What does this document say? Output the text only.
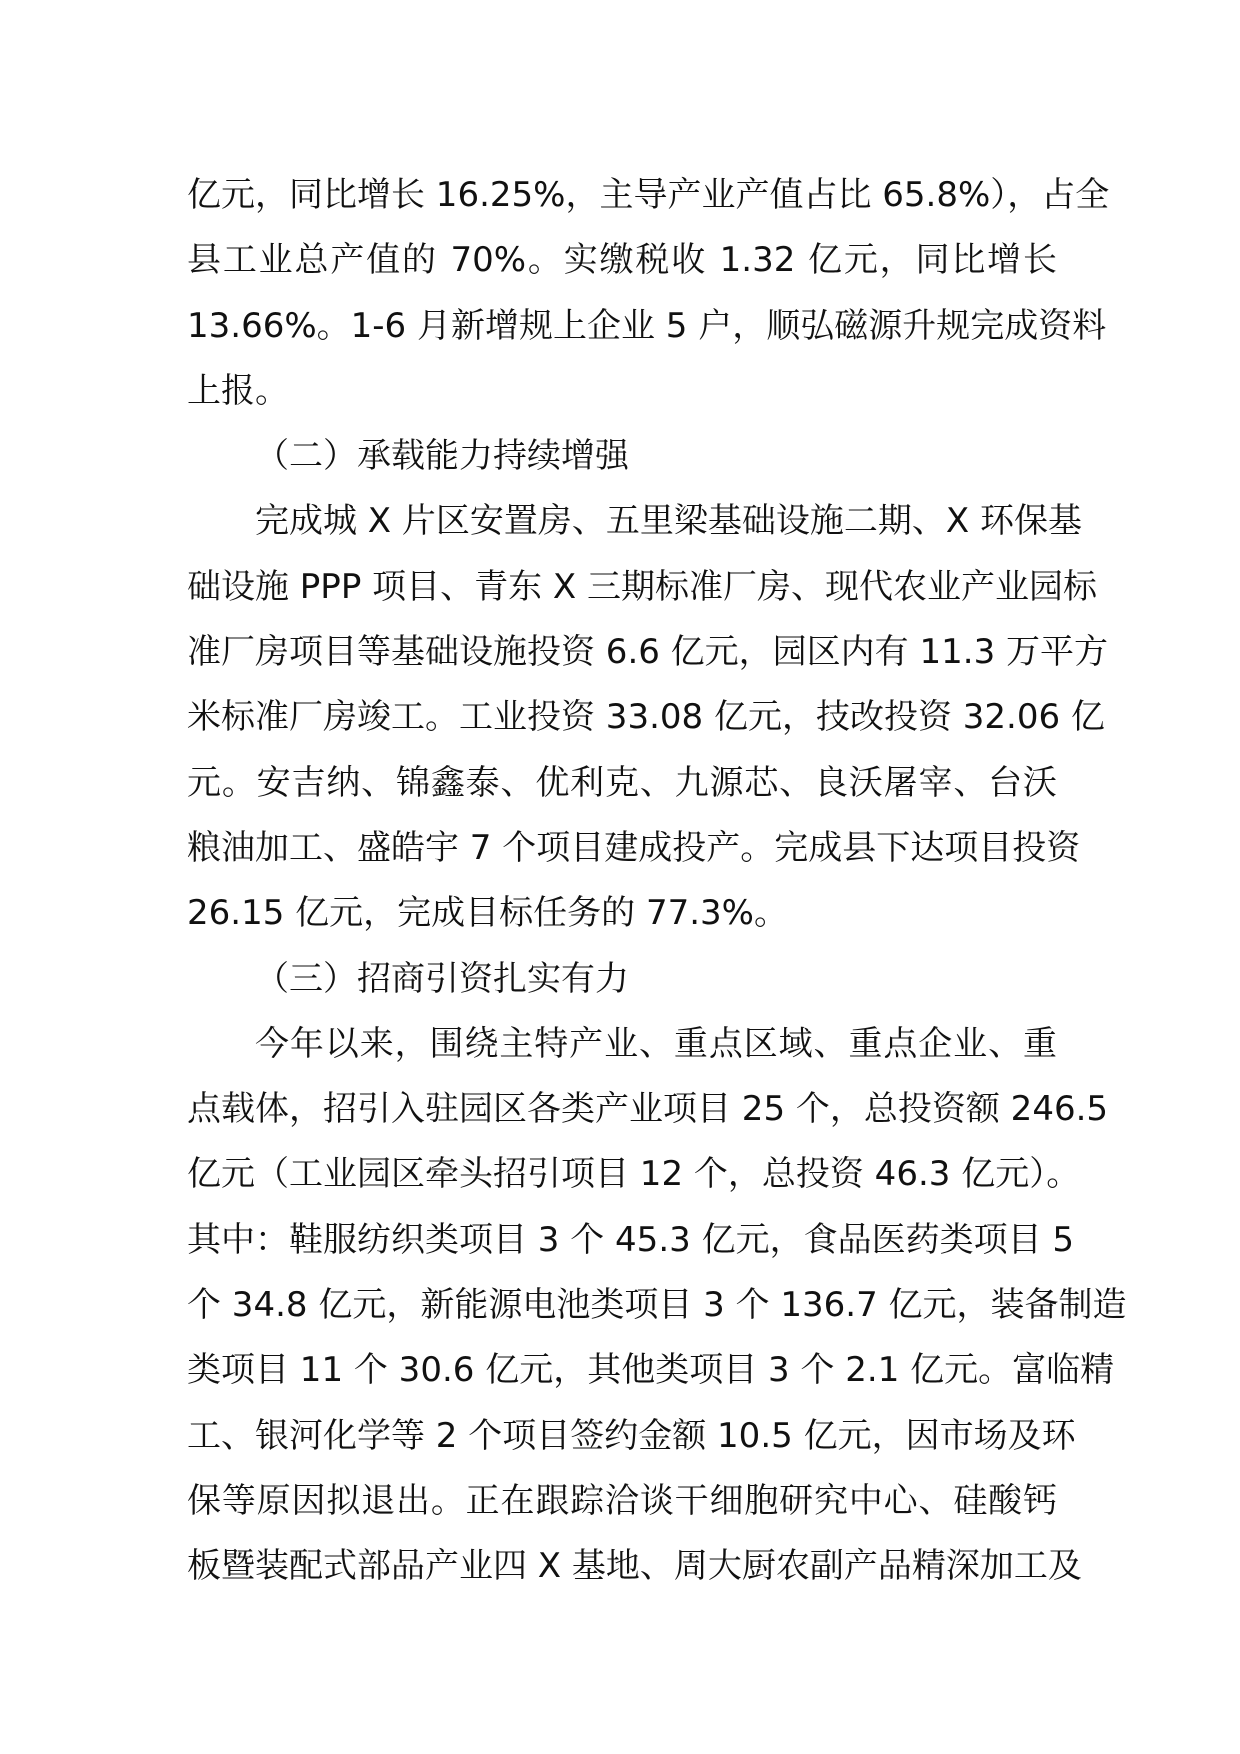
亿元，同比增长 16.25%，主导产业产值占比 65.8%），占全
县工业总产值的 70%。实缴税收 1.32 亿元，同比增长
13.66%。1-6 月新增规上企业 5 户，顺弘磁源升规完成资料
上报。
（二）承载能力持续增强
完成城 X 片区安置房、五里梁基础设施二期、X 环保基
础设施 PPP 项目、青东 X 三期标准厂房、现代农业产业园标
准厂房项目等基础设施投资 6.6 亿元，园区内有 11.3 万平方
米标准厂房竣工。工业投资 33.08 亿元，技改投资 32.06 亿
元。安吉纳、锦鑫泰、优利克、九源芯、良沃屠宰、台沃
粮油加工、盛皓宇 7 个项目建成投产。完成县下达项目投资
26.15 亿元，完成目标任务的 77.3%。
（三）招商引资扎实有力
今年以来，围绕主特产业、重点区域、重点企业、重
点载体，招引入驻园区各类产业项目 25 个，总投资额 246.5
亿元（工业园区牵头招引项目 12 个，总投资 46.3 亿元）。
其中：鞋服纺织类项目 3 个 45.3 亿元，食品医药类项目 5
个 34.8 亿元，新能源电池类项目 3 个 136.7 亿元，装备制造
类项目 11 个 30.6 亿元，其他类项目 3 个 2.1 亿元。富临精
工、银河化学等 2 个项目签约金额 10.5 亿元，因市场及环
保等原因拟退出。正在跟踪洽谈干细胞研究中心、硅酸钙
板暨装配式部品产业四 X 基地、周大厨农副产品精深加工及
